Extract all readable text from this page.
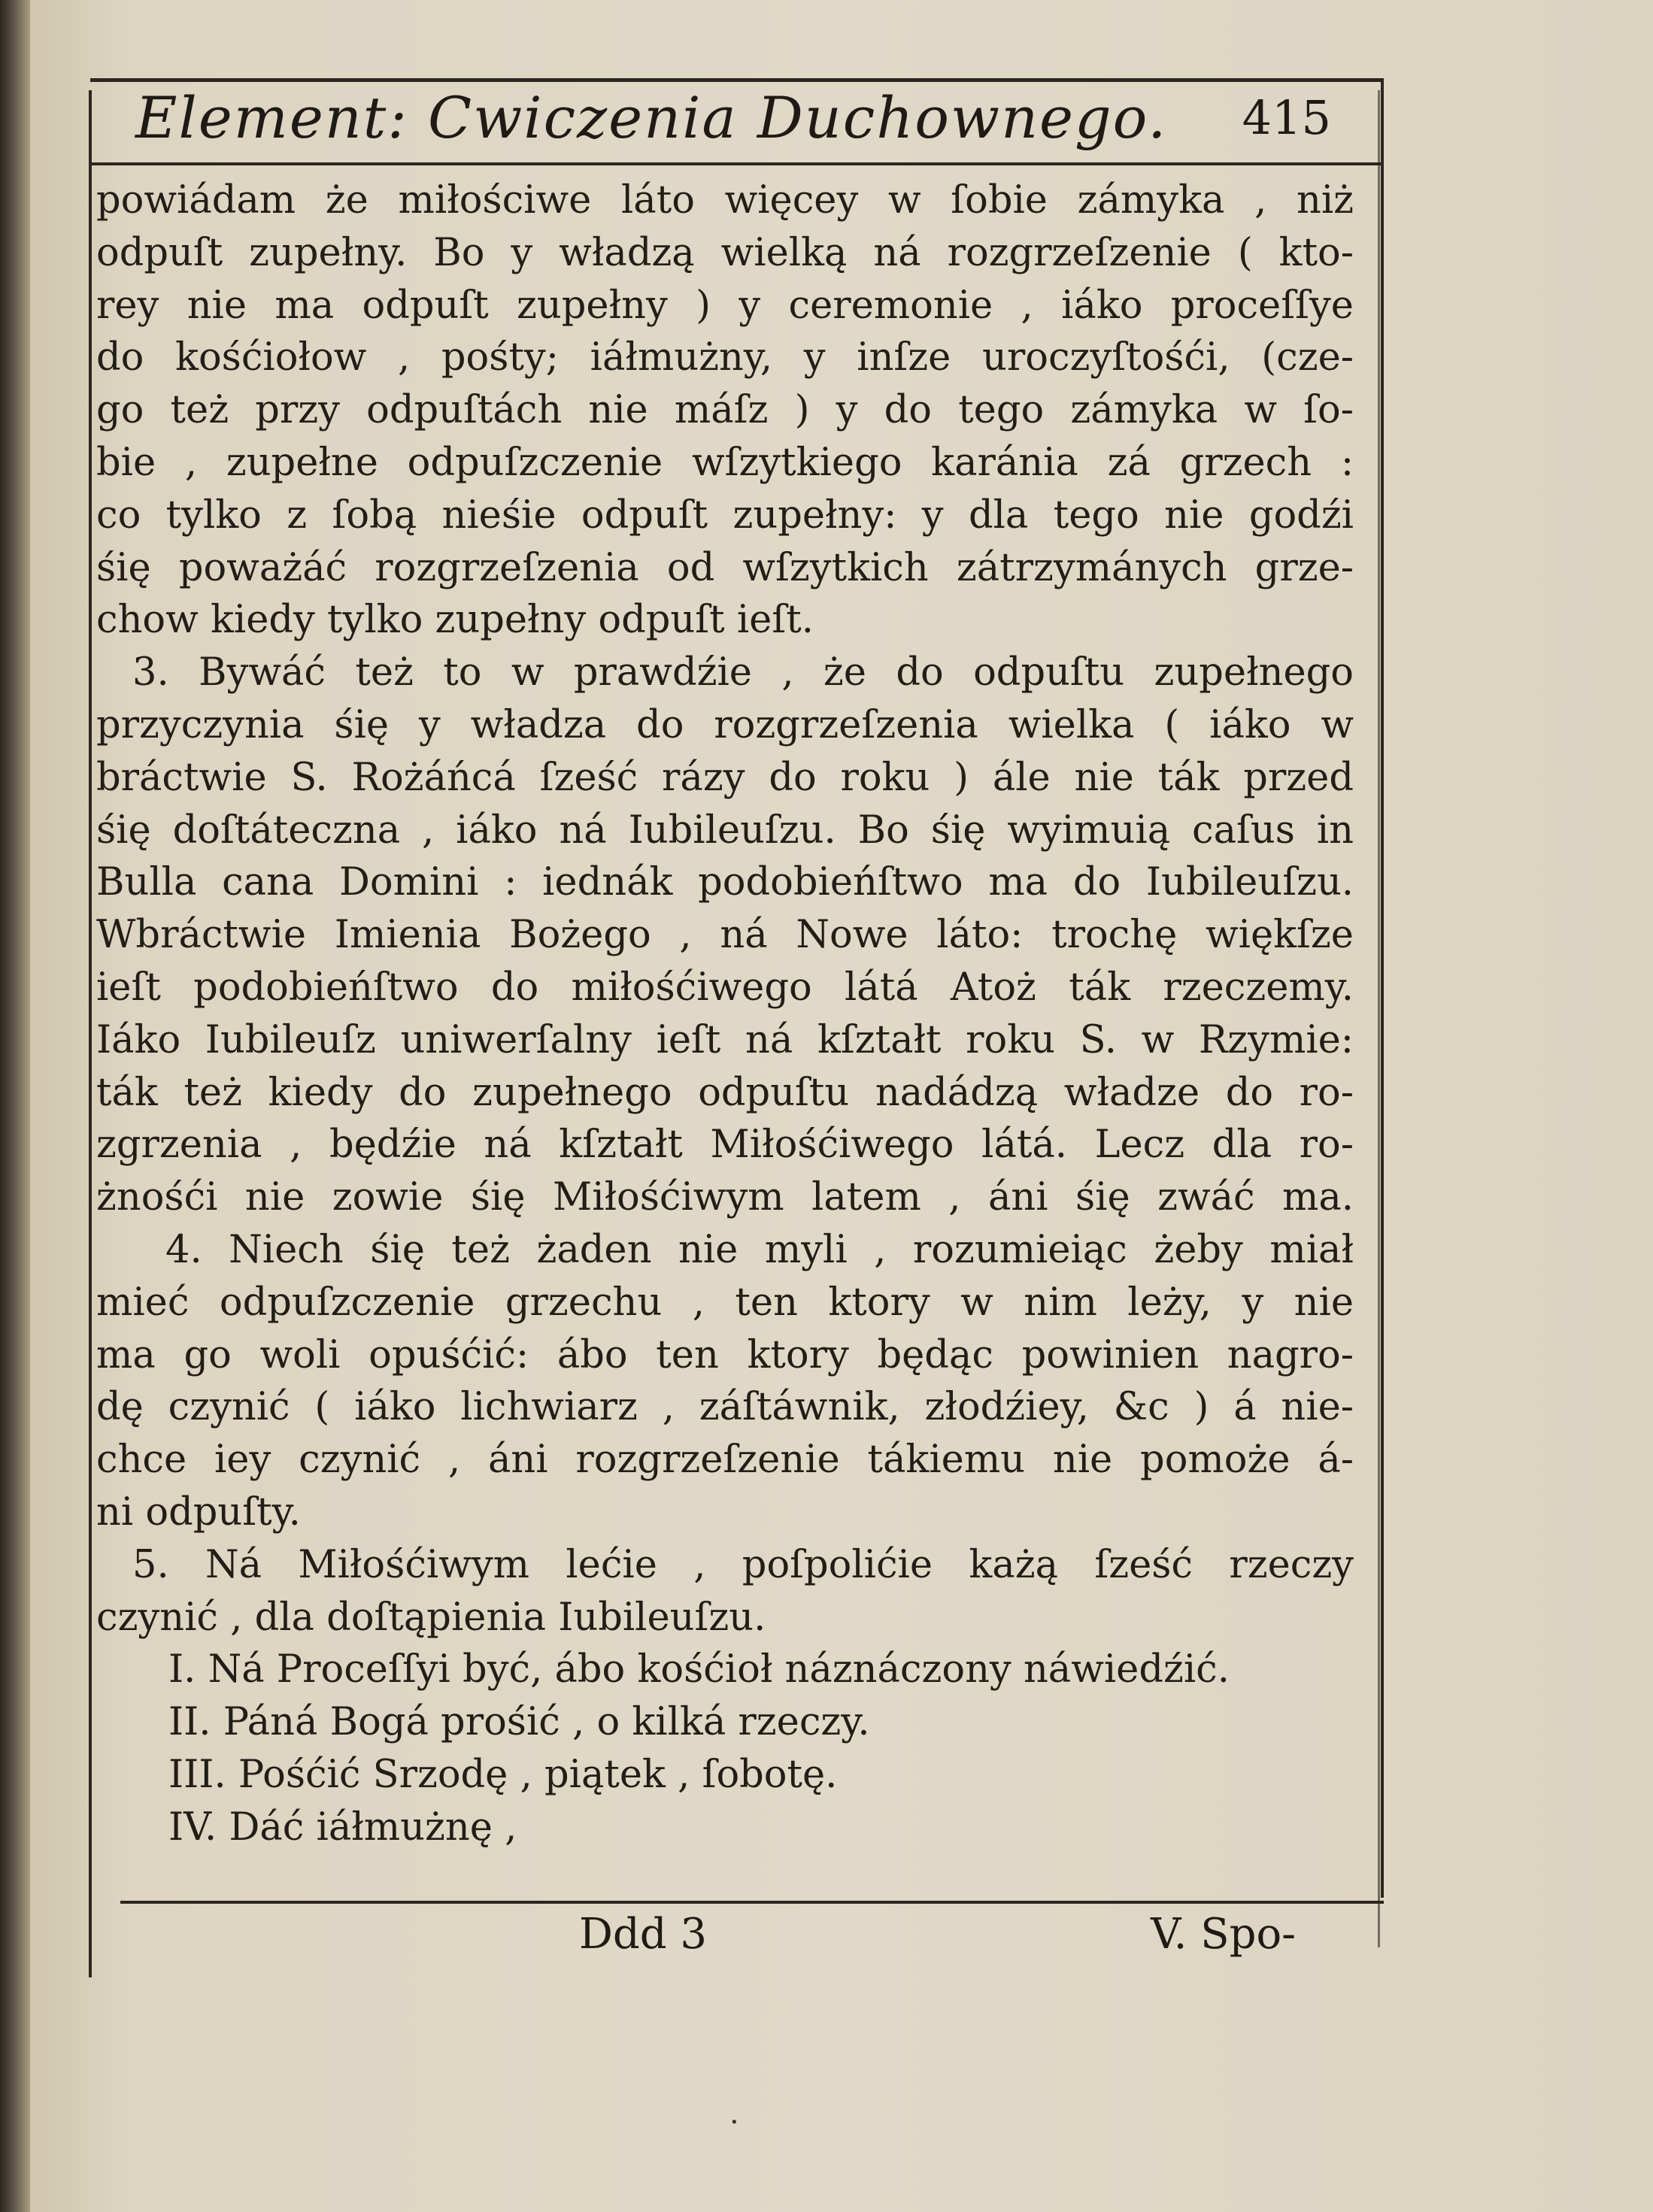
Element: Cwiczenia Duchownego.	415
powiádam że miłościwe láto więcey w ſobie zámyka , niż
odpuſt zupełny. Bo y władzą wielką ná rozgrzeſzenie ( kto-
rey nie ma odpuſt zupełny ) y ceremonie , iáko proceſſye
do kośćiołow , pośty; iáłmużny, y inſze uroczyſtośći, (cze-
go też przy odpuſtách nie máſz ) y do tego zámyka w ſo-
bie , zupełne odpuſzczenie wſzytkiego karánia zá grzech :
co tylko z ſobą nieśie odpuſt zupełny: y dla tego nie godźi
śię poważáć rozgrzeſzenia od wſzytkich zátrzymánych grze-
chow kiedy tylko zupełny odpuſt ieſt.
3. Bywáć też to w prawdźie , że do odpuſtu zupełnego
przyczynia śię y władza do rozgrzeſzenia wielka ( iáko w
bráctwie S. Rożáńcá ſześć rázy do roku ) ále nie ták przed
śię doſtáteczna , iáko ná Iubileuſzu. Bo śię wyimuią caſus in
Bulla cana Domini : iednák podobieńſtwo ma do Iubileuſzu.
Wbráctwie Imienia Bożego , ná Nowe láto: trochę więkſze
ieſt podobieńſtwo do miłośćiwego látá Atoż ták rzeczemy.
Iáko Iubileuſz uniwerſalny ieſt ná kſztałt roku S. w Rzymie:
ták też kiedy do zupełnego odpuſtu nadádzą władze do ro-
zgrzenia , będźie ná kſztałt Miłośćiwego látá. Lecz dla ro-
żnośći nie zowie śię Miłośćiwym latem , áni śię zwáć ma.
4. Niech śię też żaden nie myli , rozumieiąc żeby miał
mieć odpuſzczenie grzechu , ten ktory w nim leży, y nie
ma go woli opuśćić: ábo ten ktory będąc powinien nagro-
dę czynić ( iáko lichwiarz , záſtáwnik, złodźiey, &c ) á nie-
chce iey czynić , áni rozgrzeſzenie tákiemu nie pomoże á-
ni odpuſty.
5. Ná Miłośćiwym lećie , poſpolićie każą ſześć rzeczy
czynić , dla doſtąpienia Iubileuſzu.
I. Ná Proceſſyi być, ábo kośćioł náznáczony náwiedźić.
II. Páná Bogá prośić , o kilká rzeczy.
III. Pośćić Srzodę , piątek , ſobotę.
IV. Dáć iáłmużnę ,
Ddd 3	V. Spo-
·
